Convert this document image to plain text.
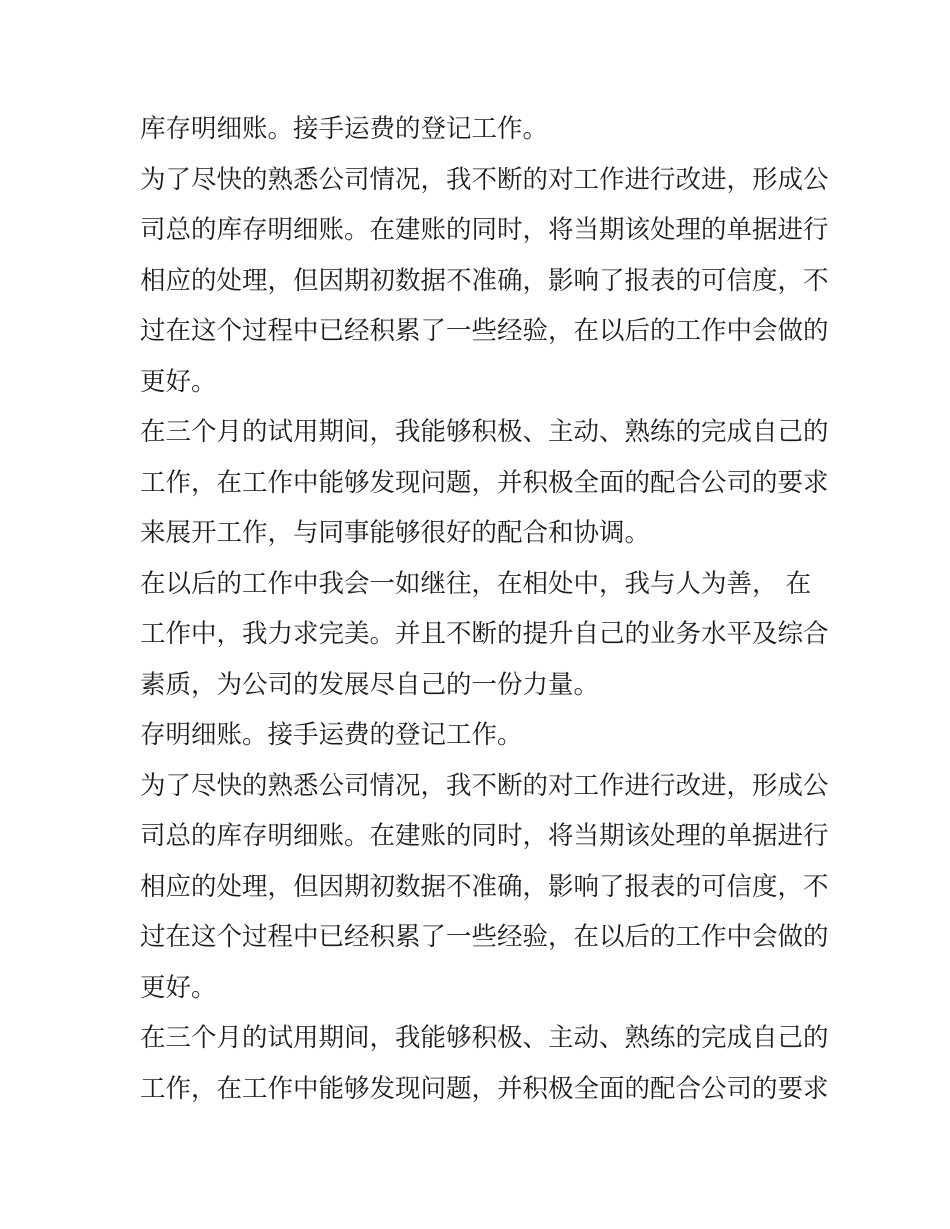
库存明细账。接手运费的登记工作。
为了尽快的熟悉公司情况，我不断的对工作进行改进，形成公
司总的库存明细账。在建账的同时，将当期该处理的单据进行
相应的处理，但因期初数据不准确，影响了报表的可信度，不
过在这个过程中已经积累了一些经验，在以后的工作中会做的
更好。
在三个月的试用期间，我能够积极、主动、熟练的完成自己的
工作，在工作中能够发现问题，并积极全面的配合公司的要求
来展开工作，与同事能够很好的配合和协调。
在以后的工作中我会一如继往，在相处中，我与人为善， 在
工作中，我力求完美。并且不断的提升自己的业务水平及综合
素质，为公司的发展尽自己的一份力量。
存明细账。接手运费的登记工作。
为了尽快的熟悉公司情况，我不断的对工作进行改进，形成公
司总的库存明细账。在建账的同时，将当期该处理的单据进行
相应的处理，但因期初数据不准确，影响了报表的可信度，不
过在这个过程中已经积累了一些经验，在以后的工作中会做的
更好。
在三个月的试用期间，我能够积极、主动、熟练的完成自己的
工作，在工作中能够发现问题，并积极全面的配合公司的要求
